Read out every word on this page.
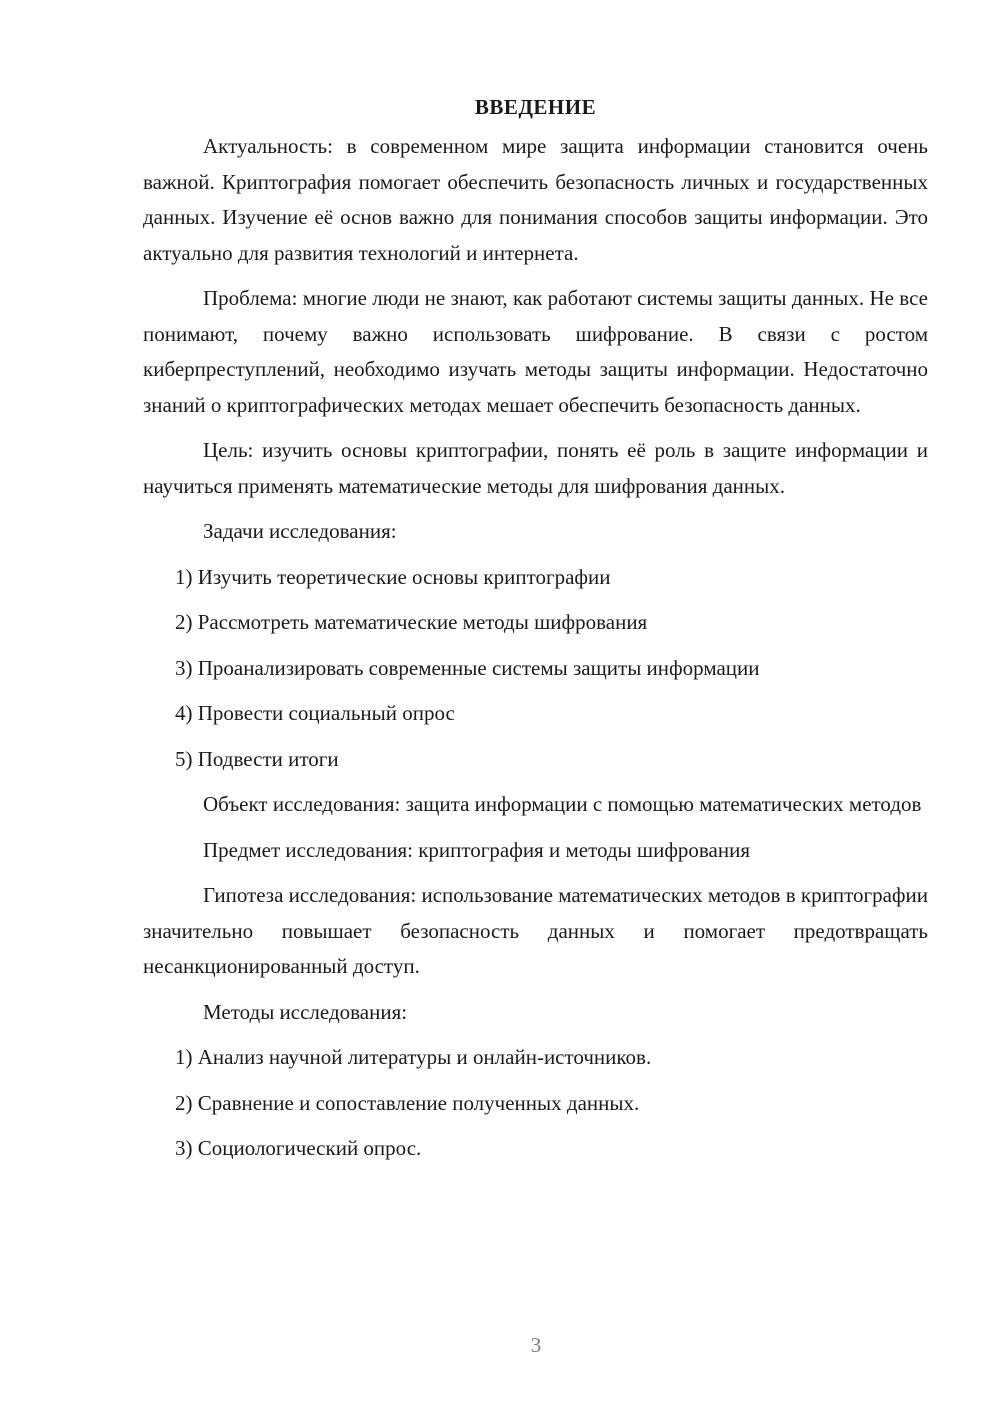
ВВЕДЕНИЕ

Актуальность: в современном мире защита информации становится очень важной. Криптография помогает обеспечить безопасность личных и государственных данных. Изучение её основ важно для понимания способов защиты информации. Это актуально для развития технологий и интернета.

Проблема: многие люди не знают, как работают системы защиты данных. Не все понимают, почему важно использовать шифрование. В связи с ростом киберпреступлений, необходимо изучать методы защиты информации. Недостаточно знаний о криптографических методах мешает обеспечить безопасность данных.

Цель: изучить основы криптографии, понять её роль в защите информации и научиться применять математические методы для шифрования данных.

Задачи исследования:
1) Изучить теоретические основы криптографии
2) Рассмотреть математические методы шифрования
3) Проанализировать современные системы защиты информации
4) Провести социальный опрос
5) Подвести итоги

Объект исследования: защита информации с помощью математических методов

Предмет исследования: криптография и методы шифрования

Гипотеза исследования: использование математических методов в криптографии значительно повышает безопасность данных и помогает предотвращать несанкционированный доступ.

Методы исследования:
1) Анализ научной литературы и онлайн-источников.
2) Сравнение и сопоставление полученных данных.
3) Социологический опрос.
3
